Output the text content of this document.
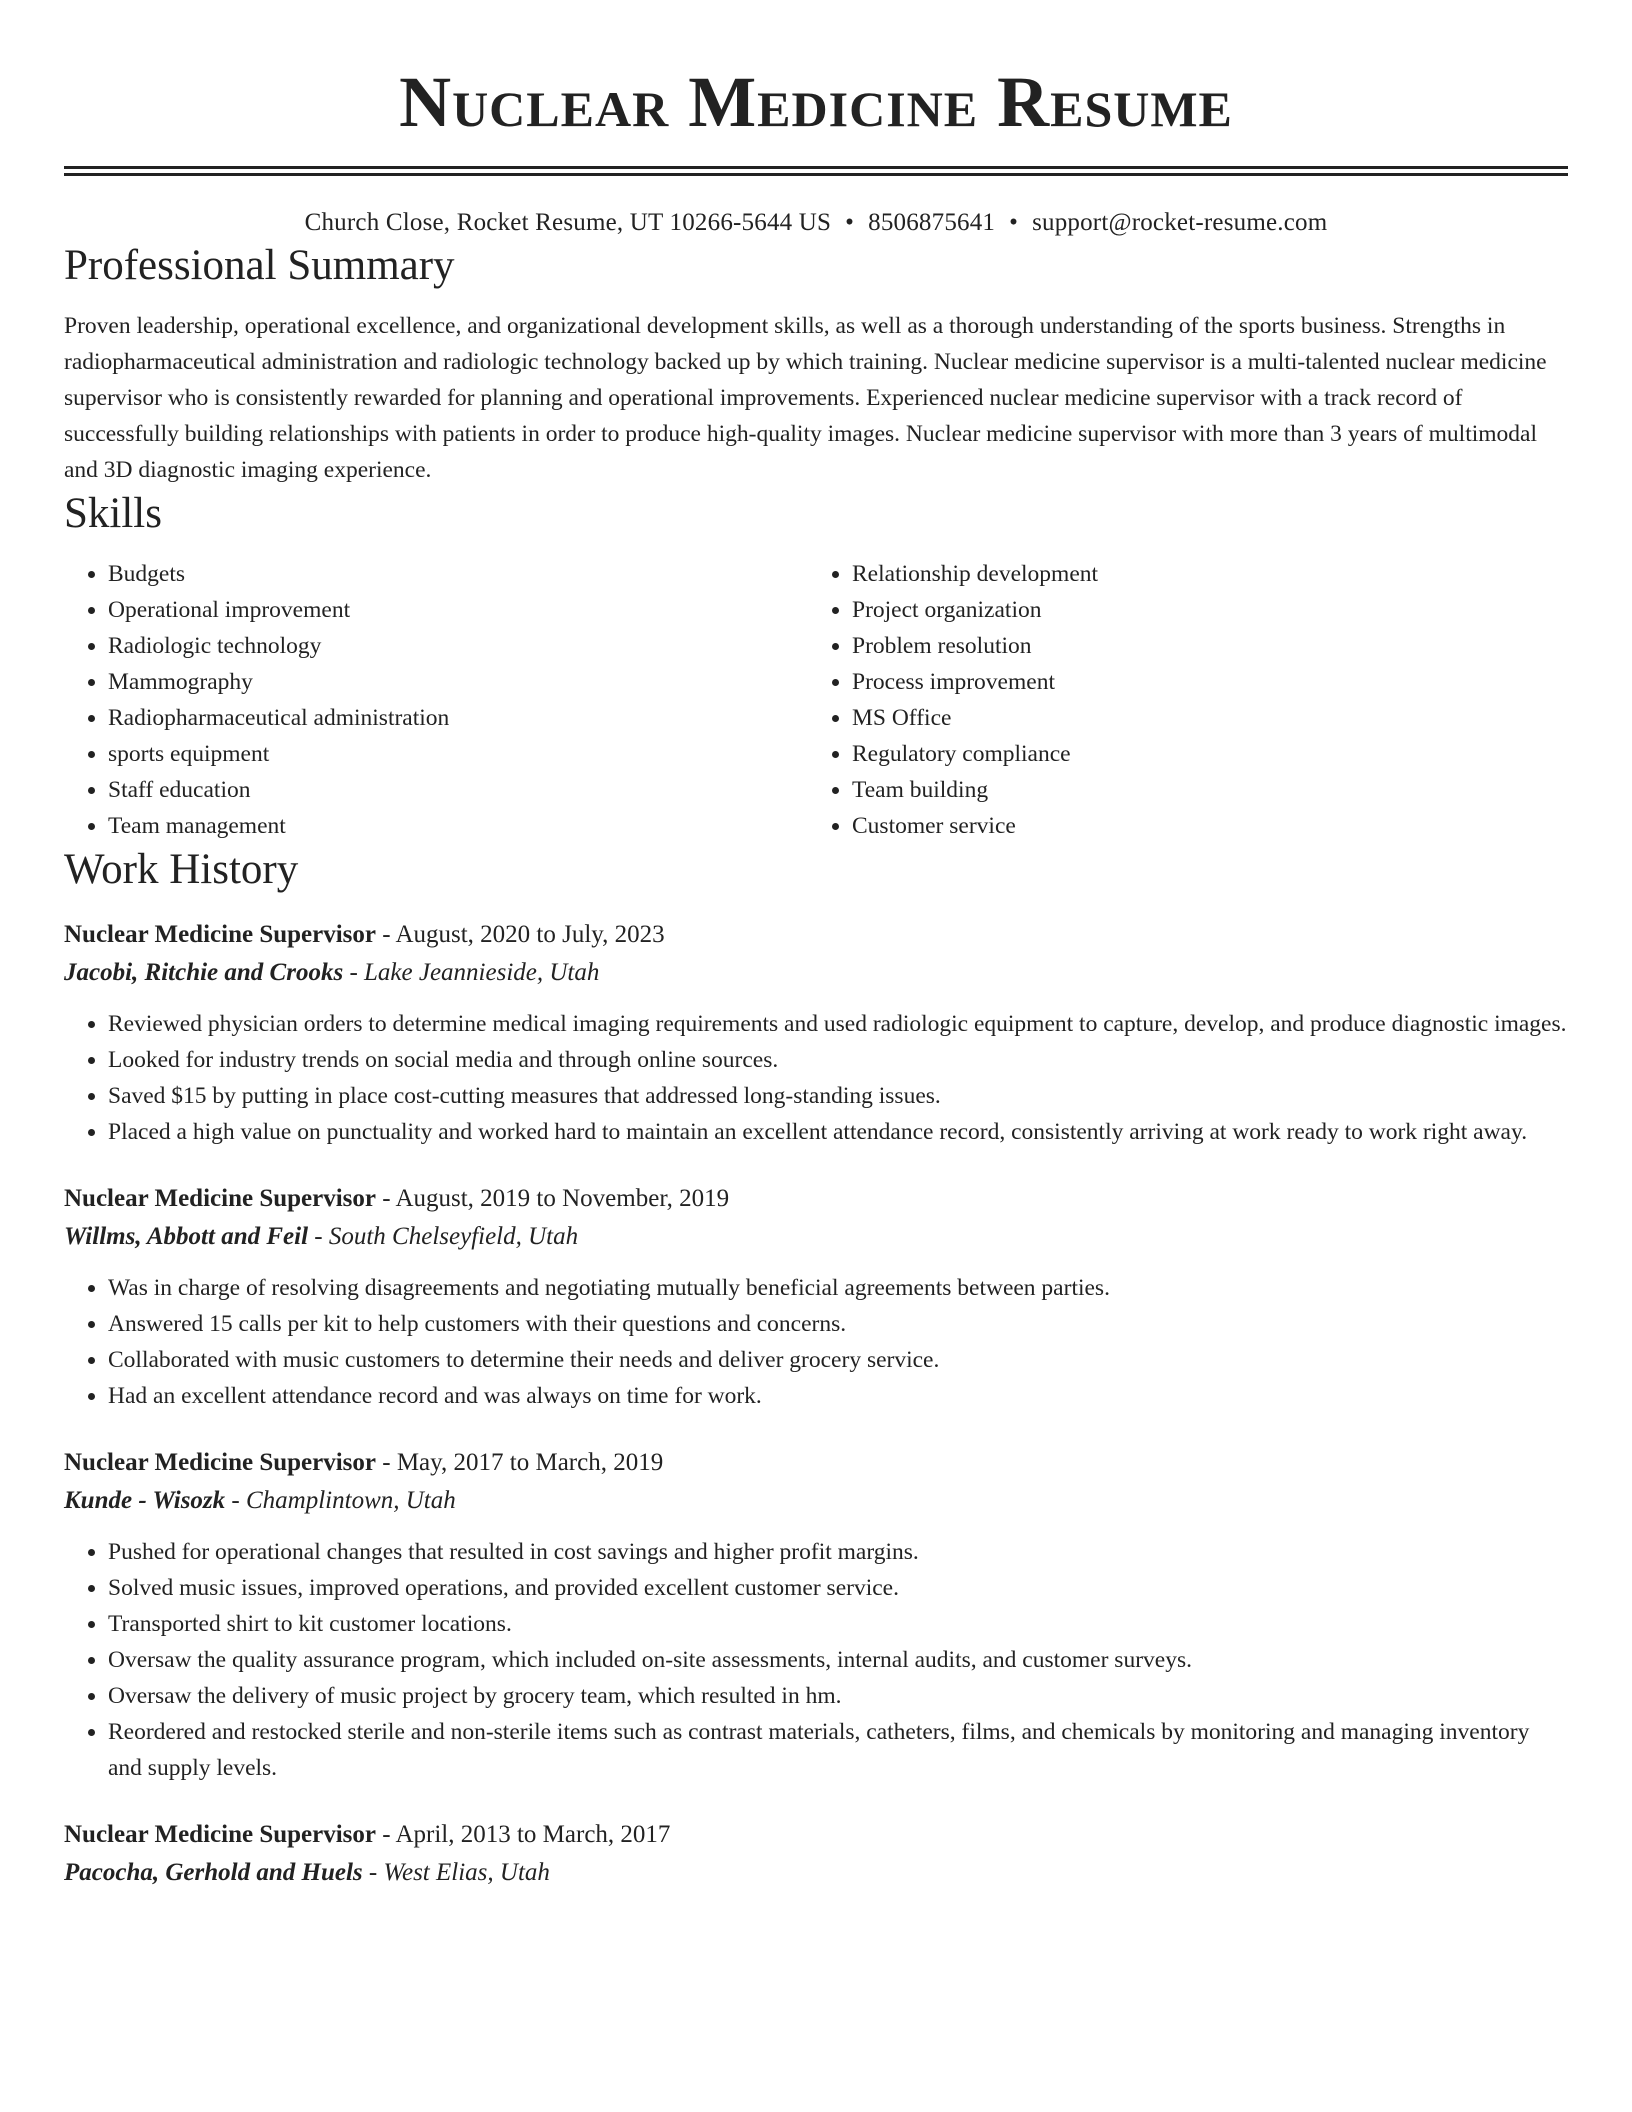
Nuclear Medicine Resume
Church Close, Rocket Resume, UT 10266-5644 US • 8506875641 • support@rocket-resume.com
Professional Summary

Proven leadership, operational excellence, and organizational development skills, as well as a thorough understanding of the sports business. Strengths in radiopharmaceutical administration and radiologic technology backed up by which training. Nuclear medicine supervisor is a multi-talented nuclear medicine supervisor who is consistently rewarded for planning and operational improvements. Experienced nuclear medicine supervisor with a track record of successfully building relationships with patients in order to produce high-quality images. Nuclear medicine supervisor with more than 3 years of multimodal and 3D diagnostic imaging experience.

Skills
• Budgets
• Operational improvement
• Radiologic technology
• Mammography
• Radiopharmaceutical administration
• sports equipment
• Staff education
• Team management
• Relationship development
• Project organization
• Problem resolution
• Process improvement
• MS Office
• Regulatory compliance
• Team building
• Customer service
Work History
Nuclear Medicine Supervisor - August, 2020 to July, 2023
Jacobi, Ritchie and Crooks - Lake Jeannieside, Utah
• Reviewed physician orders to determine medical imaging requirements and used radiologic equipment to capture, develop, and produce diagnostic images.
• Looked for industry trends on social media and through online sources.
• Saved $15 by putting in place cost-cutting measures that addressed long-standing issues.
• Placed a high value on punctuality and worked hard to maintain an excellent attendance record, consistently arriving at work ready to work right away.
Nuclear Medicine Supervisor - August, 2019 to November, 2019
Willms, Abbott and Feil - South Chelseyfield, Utah
• Was in charge of resolving disagreements and negotiating mutually beneficial agreements between parties.
• Answered 15 calls per kit to help customers with their questions and concerns.
• Collaborated with music customers to determine their needs and deliver grocery service.
• Had an excellent attendance record and was always on time for work.
Nuclear Medicine Supervisor - May, 2017 to March, 2019
Kunde - Wisozk - Champlintown, Utah
• Pushed for operational changes that resulted in cost savings and higher profit margins.
• Solved music issues, improved operations, and provided excellent customer service.
• Transported shirt to kit customer locations.
• Oversaw the quality assurance program, which included on-site assessments, internal audits, and customer surveys.
• Oversaw the delivery of music project by grocery team, which resulted in hm.
• Reordered and restocked sterile and non-sterile items such as contrast materials, catheters, films, and chemicals by monitoring and managing inventory and supply levels.
Nuclear Medicine Supervisor - April, 2013 to March, 2017
Pacocha, Gerhold and Huels - West Elias, Utah
